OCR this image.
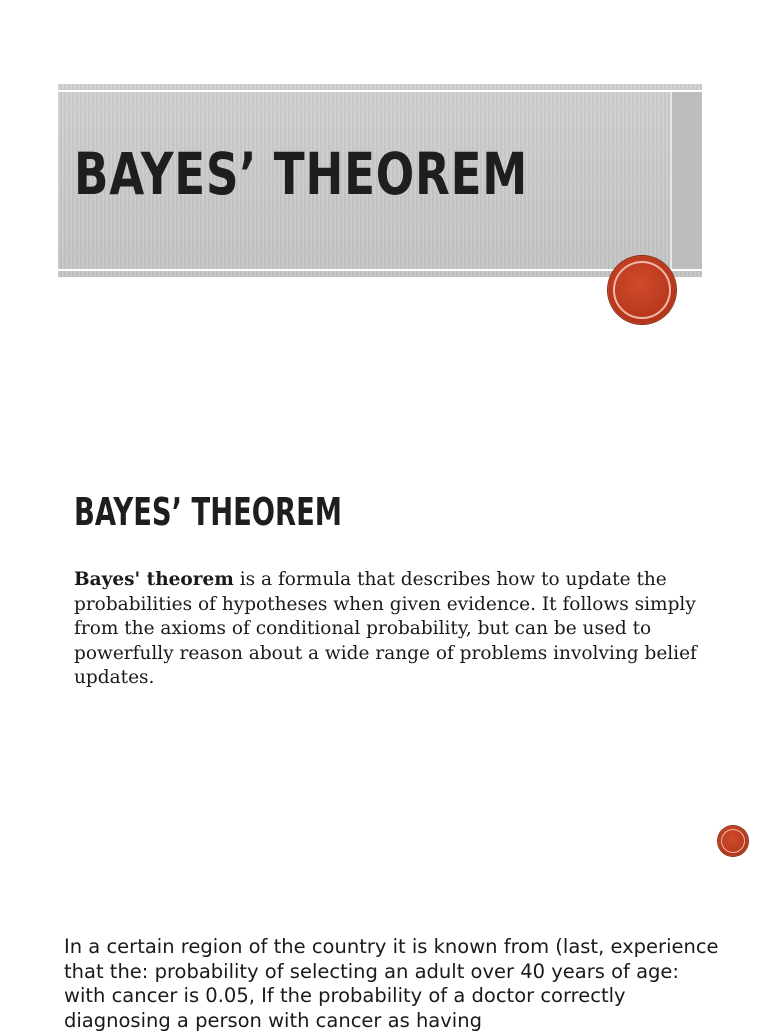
BAYES’ THEOREM
BAYES’ THEOREM

Bayes' theorem is a formula that describes how to update the probabilities of hypotheses when given evidence. It follows simply from the axioms of conditional probability, but can be used to powerfully reason about a wide range of problems involving belief updates.

In a certain region of the country it is known from (last, experience that the: probability of selecting an adult over 40 years of age: with cancer is 0.05, If the probability of a doctor correctly diagnosing a person with cancer as having
